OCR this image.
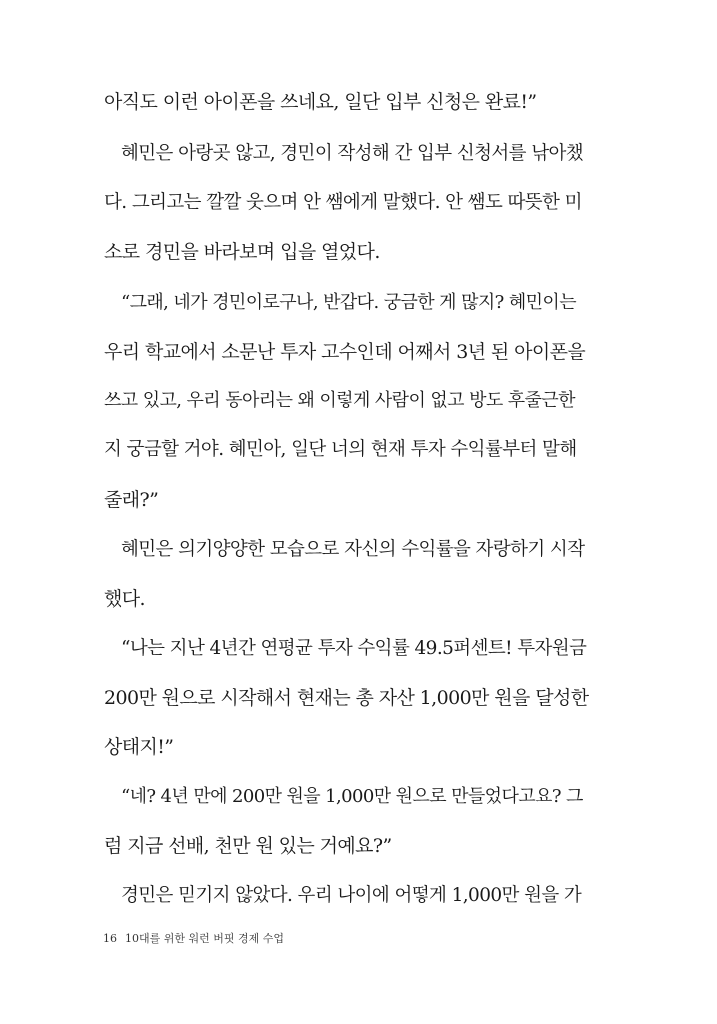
아직도 이런 아이폰을 쓰네요, 일단 입부 신청은 완료!”
혜민은 아랑곳 않고, 경민이 작성해 간 입부 신청서를 낚아챘
다. 그리고는 깔깔 웃으며 안 쌤에게 말했다. 안 쌤도 따뜻한 미
소로 경민을 바라보며 입을 열었다.
“그래, 네가 경민이로구나, 반갑다. 궁금한 게 많지? 혜민이는
우리 학교에서 소문난 투자 고수인데 어째서 3년 된 아이폰을
쓰고 있고, 우리 동아리는 왜 이렇게 사람이 없고 방도 후줄근한
지 궁금할 거야. 혜민아, 일단 너의 현재 투자 수익률부터 말해
줄래?”
혜민은 의기양양한 모습으로 자신의 수익률을 자랑하기 시작
했다.
“나는 지난 4년간 연평균 투자 수익률 49.5퍼센트! 투자원금
200만 원으로 시작해서 현재는 총 자산 1,000만 원을 달성한
상태지!”
“네? 4년 만에 200만 원을 1,000만 원으로 만들었다고요? 그
럼 지금 선배, 천만 원 있는 거예요?”
경민은 믿기지 않았다. 우리 나이에 어떻게 1,000만 원을 가
16 10대를 위한 워런 버핏 경제 수업
